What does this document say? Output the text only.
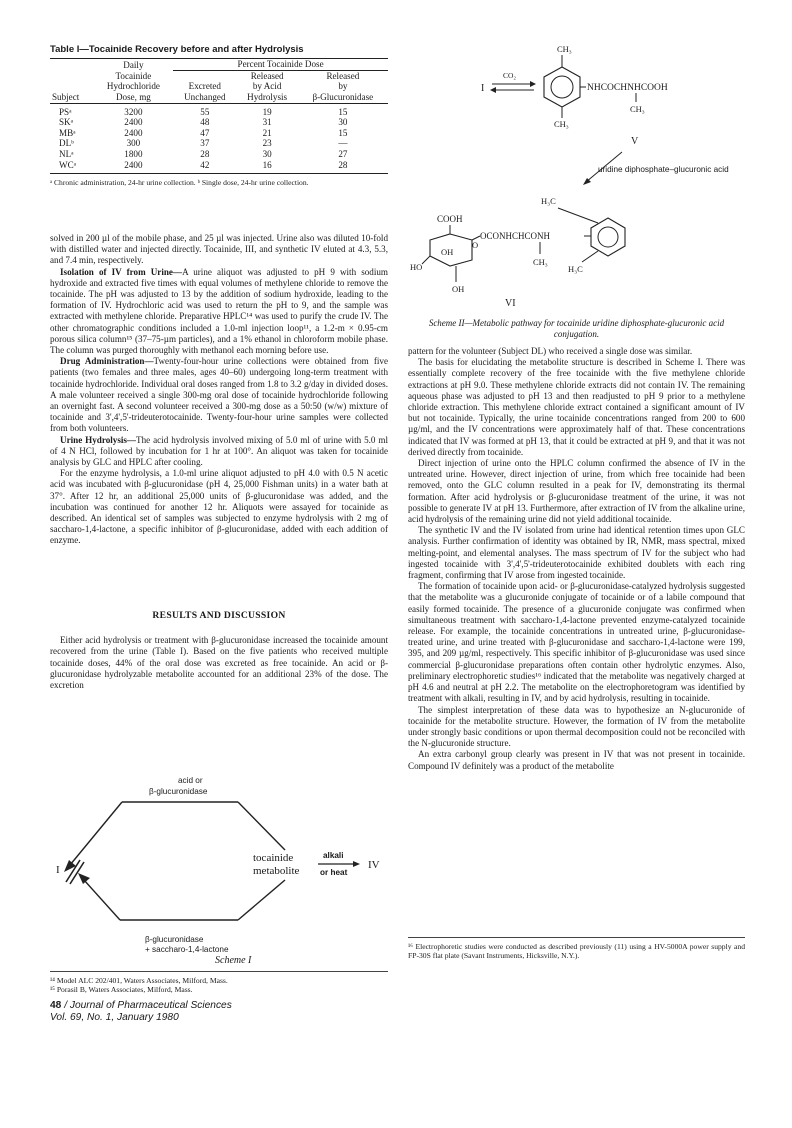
Table I—Tocainide Recovery before and after Hydrolysis
Subject	Daily	Percent Tocainide Dose		
	Tocainide		Released	Released
	Hydrochloride	Excreted	by Acid	by
	Dose, mg	Unchanged	Hydrolysis	β-Glucuronidase

PSᵃ	3200	55	19	15
SKᵃ	2400	48	31	30
MBᵃ	2400	47	21	15
DLᵇ	300	37	23	—
NLᵃ	1800	28	30	27
WCᵃ	2400	42	16	28
ᵃ Chronic administration, 24-hr urine collection. ᵇ Single dose, 24-hr urine collection.

solved in 200 µl of the mobile phase, and 25 µl was injected. Urine also was diluted 10-fold with distilled water and injected directly. Tocainide, III, and synthetic IV eluted at 4.3, 5.3, and 7.4 min, respectively.

Isolation of IV from Urine—A urine aliquot was adjusted to pH 9 with sodium hydroxide and extracted five times with equal volumes of methylene chloride to remove the tocainide. The pH was adjusted to 13 by the addition of sodium hydroxide, leading to the formation of IV. Hydrochloric acid was used to return the pH to 9, and the sample was extracted with methylene chloride. Preparative HPLC¹⁴ was used to purify the crude IV. The other chromatographic conditions included a 1.0-ml injection loop¹¹, a 1.2-m × 0.95-cm porous silica column¹⁵ (37–75-µm particles), and a 1% ethanol in chloroform mobile phase. The column was purged thoroughly with methanol each morning before use.

Drug Administration—Twenty-four-hour urine collections were obtained from five patients (two females and three males, ages 40–60) undergoing long-term treatment with tocainide hydrochloride. Individual oral doses ranged from 1.8 to 3.2 g/day in divided doses. A male volunteer received a single 300-mg oral dose of tocainide hydrochloride following an overnight fast. A second volunteer received a 300-mg dose as a 50:50 (w/w) mixture of tocainide and 3',4',5'-trideuterotocainide. Twenty-four-hour urine samples were collected from both volunteers.

Urine Hydrolysis—The acid hydrolysis involved mixing of 5.0 ml of urine with 5.0 ml of 4 N HCl, followed by incubation for 1 hr at 100°. An aliquot was taken for tocainide analysis by GLC and HPLC after cooling.

For the enzyme hydrolysis, a 1.0-ml urine aliquot adjusted to pH 4.0 with 0.5 N acetic acid was incubated with β-glucuronidase (pH 4, 25,000 Fishman units) in a water bath at 37°. After 12 hr, an additional 25,000 units of β-glucuronidase was added, and the incubation was continued for another 12 hr. Aliquots were assayed for tocainide as described. An identical set of samples was subjected to enzyme hydrolysis with 2 mg of saccharo-1,4-lactone, a specific inhibitor of β-glucuronidase, added with each addition of enzyme.

RESULTS AND DISCUSSION

Either acid hydrolysis or treatment with β-glucuronidase increased the tocainide amount recovered from the urine (Table I). Based on the five patients who received multiple tocainide doses, 44% of the oral dose was excreted as free tocainide. An acid or β-glucuronidase hydrolyzable metabolite accounted for an additional 23% of the dose. The excretion

acid or
β-glucuronidase
I
tocainide
metabolite
alkali
or heat
IV
β-glucuronidase
+ saccharo-1,4-lactone
Scheme I
¹⁴ Model ALC 202/401, Waters Associates, Milford, Mass.
¹⁵ Porasil B, Waters Associates, Milford, Mass.
48 / Journal of Pharmaceutical Sciences
Vol. 69, No. 1, January 1980
CH₃
CH₃
NHCOCHNHCOOH
CH₃
I
CO₂
V
uridine diphosphate–glucuronic acid
H₃C
COOH
O
OH
OCONHCHCONH
CH₃
H₃C
HO
OH
VI
Scheme II—Metabolic pathway for tocainide uridine diphosphate-glucuronic acid conjugation.

pattern for the volunteer (Subject DL) who received a single dose was similar.

The basis for elucidating the metabolite structure is described in Scheme I. There was essentially complete recovery of the free tocainide with the five methylene chloride extractions at pH 9.0. These methylene chloride extracts did not contain IV. The remaining aqueous phase was adjusted to pH 13 and then readjusted to pH 9 prior to a methylene chloride extraction. This methylene chloride extract contained a significant amount of IV but not tocainide. Typically, the urine tocainide concentrations ranged from 200 to 600 µg/ml, and the IV concentrations were approximately half of that. These concentrations indicated that IV was formed at pH 13, that it could be extracted at pH 9, and that it was not derived directly from tocainide.

Direct injection of urine onto the HPLC column confirmed the absence of IV in the untreated urine. However, direct injection of urine, from which free tocainide had been removed, onto the GLC column resulted in a peak for IV, demonstrating its thermal formation. After acid hydrolysis or β-glucuronidase treatment of the urine, it was not possible to generate IV at pH 13. Furthermore, after extraction of IV from the alkaline urine, acid hydrolysis of the remaining urine did not yield additional tocainide.

The synthetic IV and the IV isolated from urine had identical retention times upon GLC analysis. Further confirmation of identity was obtained by IR, NMR, mass spectral, mixed melting-point, and elemental analyses. The mass spectrum of IV for the subject who had ingested tocainide with 3',4',5'-trideuterotocainide exhibited doublets with each ring fragment, confirming that IV arose from ingested tocainide.

The formation of tocainide upon acid- or β-glucuronidase-catalyzed hydrolysis suggested that the metabolite was a glucuronide conjugate of tocainide or of a labile compound that easily formed tocainide. The presence of a glucuronide conjugate was confirmed when simultaneous treatment with saccharo-1,4-lactone prevented enzyme-catalyzed tocainide release. For example, the tocainide concentrations in untreated urine, β-glucuronidase-treated urine, and urine treated with β-glucuronidase and saccharo-1,4-lactone were 199, 395, and 209 µg/ml, respectively. This specific inhibitor of β-glucuronidase was used since commercial β-glucuronidase preparations often contain other hydrolytic enzymes. Also, preliminary electrophoretic studies¹⁶ indicated that the metabolite was negatively charged at pH 4.6 and neutral at pH 2.2. The metabolite on the electrophoretogram was identified by treatment with alkali, resulting in IV, and by acid hydrolysis, resulting in tocainide.

The simplest interpretation of these data was to hypothesize an N-glucuronide of tocainide for the metabolite structure. However, the formation of IV from the metabolite under strongly basic conditions or upon thermal decomposition could not be reconciled with the N-glucuronide structure.

An extra carbonyl group clearly was present in IV that was not present in tocainide. Compound IV definitely was a product of the metabolite

¹⁶ Electrophoretic studies were conducted as described previously (11) using a HV-5000A power supply and FP-30S flat plate (Savant Instruments, Hicksville, N.Y.).
